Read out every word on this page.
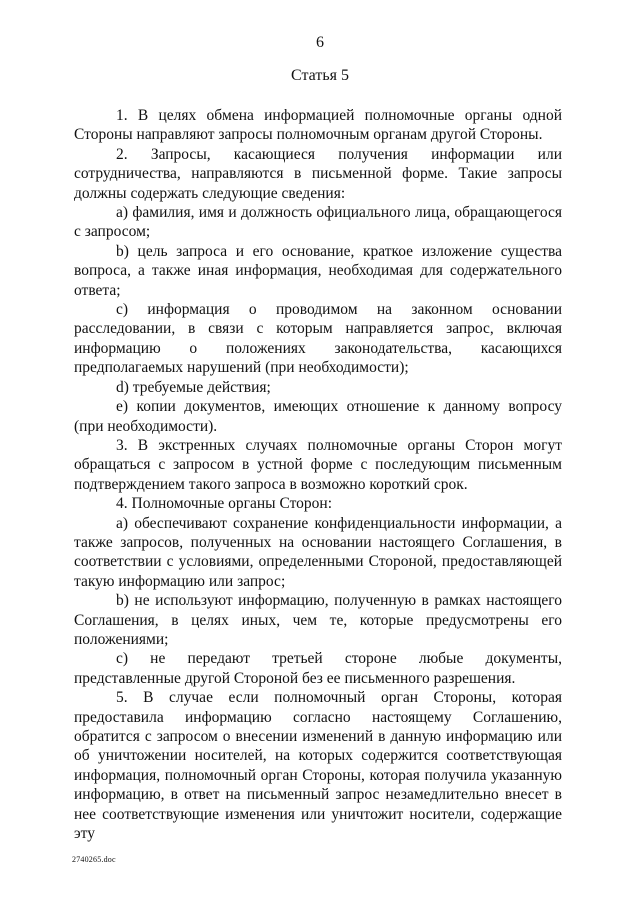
6
Статья 5

1. В целях обмена информацией полномочные органы одной Стороны направляют запросы полномочным органам другой Стороны.

2. Запросы, касающиеся получения информации или сотрудничества, направляются в письменной форме. Такие запросы должны содержать следующие сведения:

a) фамилия, имя и должность официального лица, обращающегося с запросом;

b) цель запроса и его основание, краткое изложение существа вопроса, а также иная информация, необходимая для содержательного ответа;

c) информация о проводимом на законном основании расследовании, в связи с которым направляется запрос, включая информацию о положениях законодательства, касающихся предполагаемых нарушений (при необходимости);

d) требуемые действия;

e) копии документов, имеющих отношение к данному вопросу (при необходимости).

3. В экстренных случаях полномочные органы Сторон могут обращаться с запросом в устной форме с последующим письменным подтверждением такого запроса в возможно короткий срок.

4. Полномочные органы Сторон:

a) обеспечивают сохранение конфиденциальности информации, а также запросов, полученных на основании настоящего Соглашения, в соответствии с условиями, определенными Стороной, предоставляющей такую информацию или запрос;

b) не используют информацию, полученную в рамках настоящего Соглашения, в целях иных, чем те, которые предусмотрены его положениями;

c) не передают третьей стороне любые документы, представленные другой Стороной без ее письменного разрешения.

5. В случае если полномочный орган Стороны, которая предоставила информацию согласно настоящему Соглашению, обратится с запросом о внесении изменений в данную информацию или об уничтожении носителей, на которых содержится соответствующая информация, полномочный орган Стороны, которая получила указанную информацию, в ответ на письменный запрос незамедлительно внесет в нее соответствующие изменения или уничтожит носители, содержащие эту

2740265.doc
